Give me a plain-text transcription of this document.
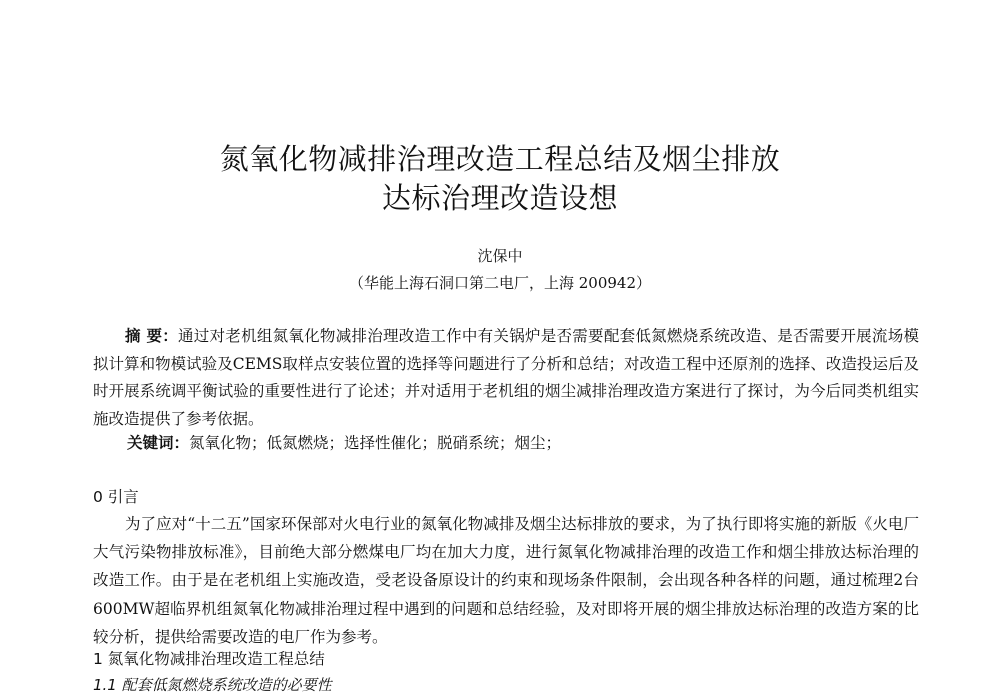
氮氧化物减排治理改造工程总结及烟尘排放
达标治理改造设想
沈保中
（华能上海石洞口第二电厂，上海 200942）
摘 要：通过对老机组氮氧化物减排治理改造工作中有关锅炉是否需要配套低氮燃烧系统改造、是否需要开展流场模拟计算和物模试验及CEMS取样点安装位置的选择等问题进行了分析和总结；对改造工程中还原剂的选择、改造投运后及时开展系统调平衡试验的重要性进行了论述；并对适用于老机组的烟尘减排治理改造方案进行了探讨，为今后同类机组实施改造提供了参考依据。
关键词：氮氧化物；低氮燃烧；选择性催化；脱硝系统；烟尘；
0 引言
为了应对“十二五”国家环保部对火电行业的氮氧化物减排及烟尘达标排放的要求，为了执行即将实施的新版《火电厂大气污染物排放标准》，目前绝大部分燃煤电厂均在加大力度，进行氮氧化物减排治理的改造工作和烟尘排放达标治理的改造工作。由于是在老机组上实施改造，受老设备原设计的约束和现场条件限制，会出现各种各样的问题，通过梳理2台600MW超临界机组氮氧化物减排治理过程中遇到的问题和总结经验，及对即将开展的烟尘排放达标治理的改造方案的比较分析，提供给需要改造的电厂作为参考。
1 氮氧化物减排治理改造工程总结
1.1 配套低氮燃烧系统改造的必要性
